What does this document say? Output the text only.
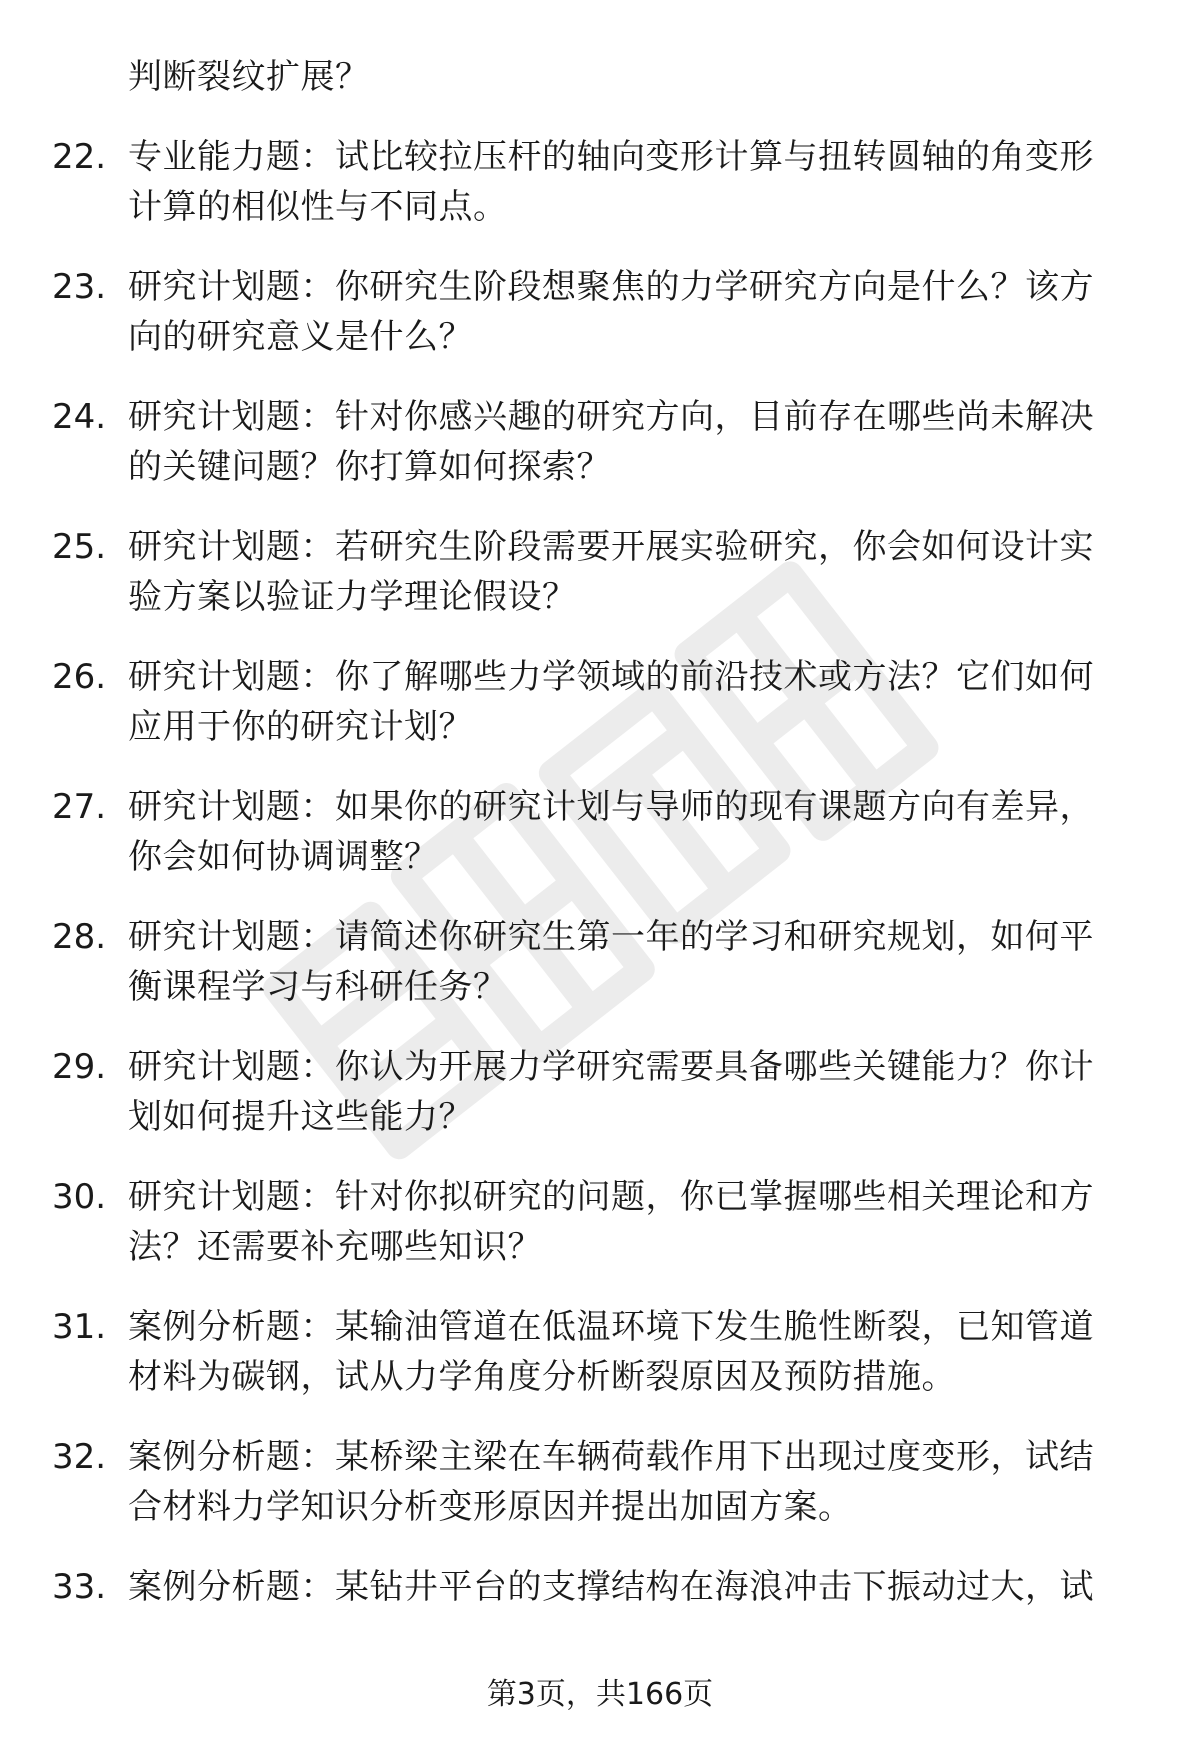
判断裂纹扩展？
22. 专业能力题：试比较拉压杆的轴向变形计算与扭转圆轴的角变形计算的相似性与不同点。
23. 研究计划题：你研究生阶段想聚焦的力学研究方向是什么？该方向的研究意义是什么？
24. 研究计划题：针对你感兴趣的研究方向，目前存在哪些尚未解决的关键问题？你打算如何探索？
25. 研究计划题：若研究生阶段需要开展实验研究，你会如何设计实验方案以验证力学理论假设？
26. 研究计划题：你了解哪些力学领域的前沿技术或方法？它们如何应用于你的研究计划？
27. 研究计划题：如果你的研究计划与导师的现有课题方向有差异，你会如何协调调整？
28. 研究计划题：请简述你研究生第一年的学习和研究规划，如何平衡课程学习与科研任务？
29. 研究计划题：你认为开展力学研究需要具备哪些关键能力？你计划如何提升这些能力？
30. 研究计划题：针对你拟研究的问题，你已掌握哪些相关理论和方法？还需要补充哪些知识？
31. 案例分析题：某输油管道在低温环境下发生脆性断裂，已知管道材料为碳钢，试从力学角度分析断裂原因及预防措施。
32. 案例分析题：某桥梁主梁在车辆荷载作用下出现过度变形，试结合材料力学知识分析变形原因并提出加固方案。
33. 案例分析题：某钻井平台的支撑结构在海浪冲击下振动过大，试
第3页，共166页
